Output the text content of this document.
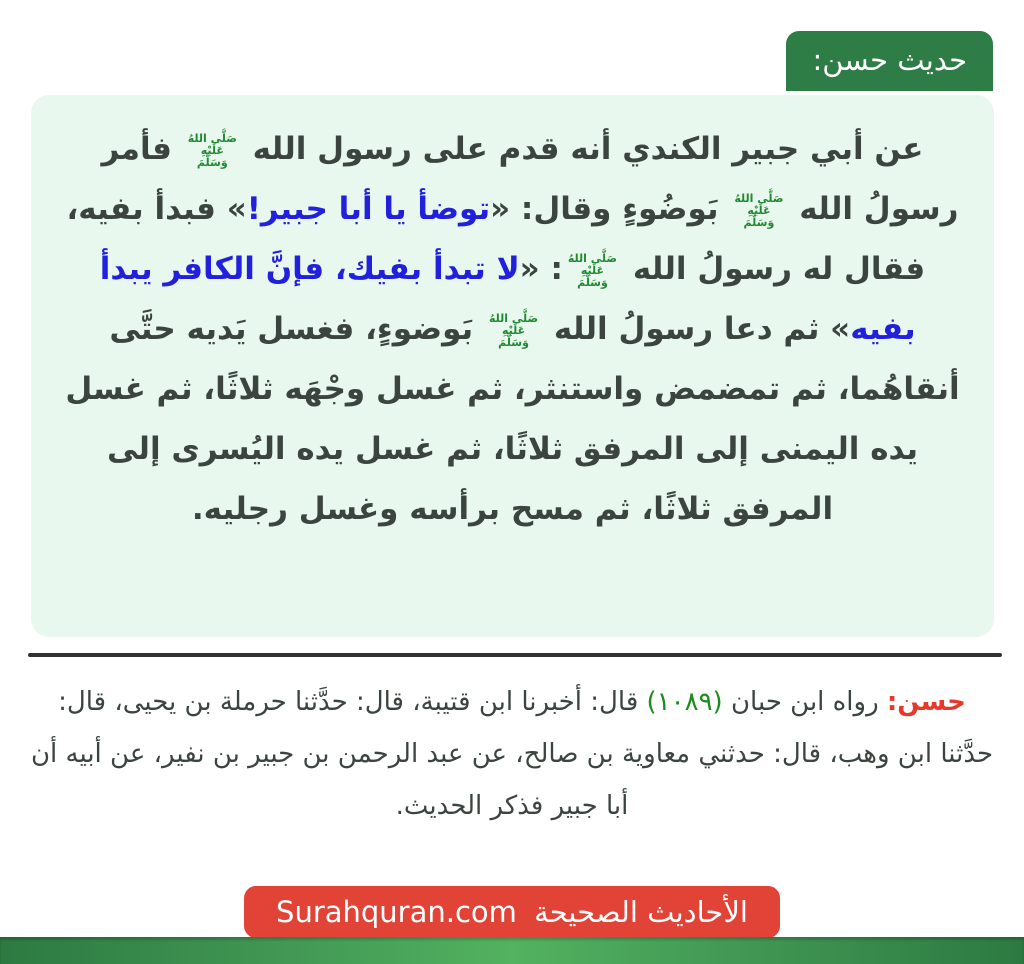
حديث حسن:
عن أبي جبير الكندي أنه قدم على رسول الله
صَلَّى اللهُ
عَلَيْهِ
وَسَلَّمَ
فأمر رسولُ الله
صَلَّى اللهُ
عَلَيْهِ
وَسَلَّمَ
بَوضُوءٍ وقال: «توضأ يا أبا جبير!» فبدأ بفيه، فقال له رسولُ الله
صَلَّى اللهُ
عَلَيْهِ
وَسَلَّمَ
: «لا تبدأ بفيك، فإنَّ الكافر يبدأ بفيه» ثم دعا رسولُ الله
صَلَّى اللهُ
عَلَيْهِ
وَسَلَّمَ
بَوضوءٍ، فغسل يَديه حتَّى أنقاهُما، ثم تمضمض واستنثر، ثم غسل وجْهَه ثلاثًا، ثم غسل يده اليمنى إلى المرفق ثلاثًا، ثم غسل يده اليُسرى إلى المرفق ثلاثًا، ثم مسح برأسه وغسل رجليه.
حسن: رواه ابن حبان (١٠٨٩) قال: أخبرنا ابن قتيبة، قال: حدَّثنا حرملة بن يحيى، قال: حدَّثنا ابن وهب، قال: حدثني معاوية بن صالح، عن عبد الرحمن بن جبير بن نفير، عن أبيه أن أبا جبير فذكر الحديث.
الأحاديث الصحيحة Surahquran.com
